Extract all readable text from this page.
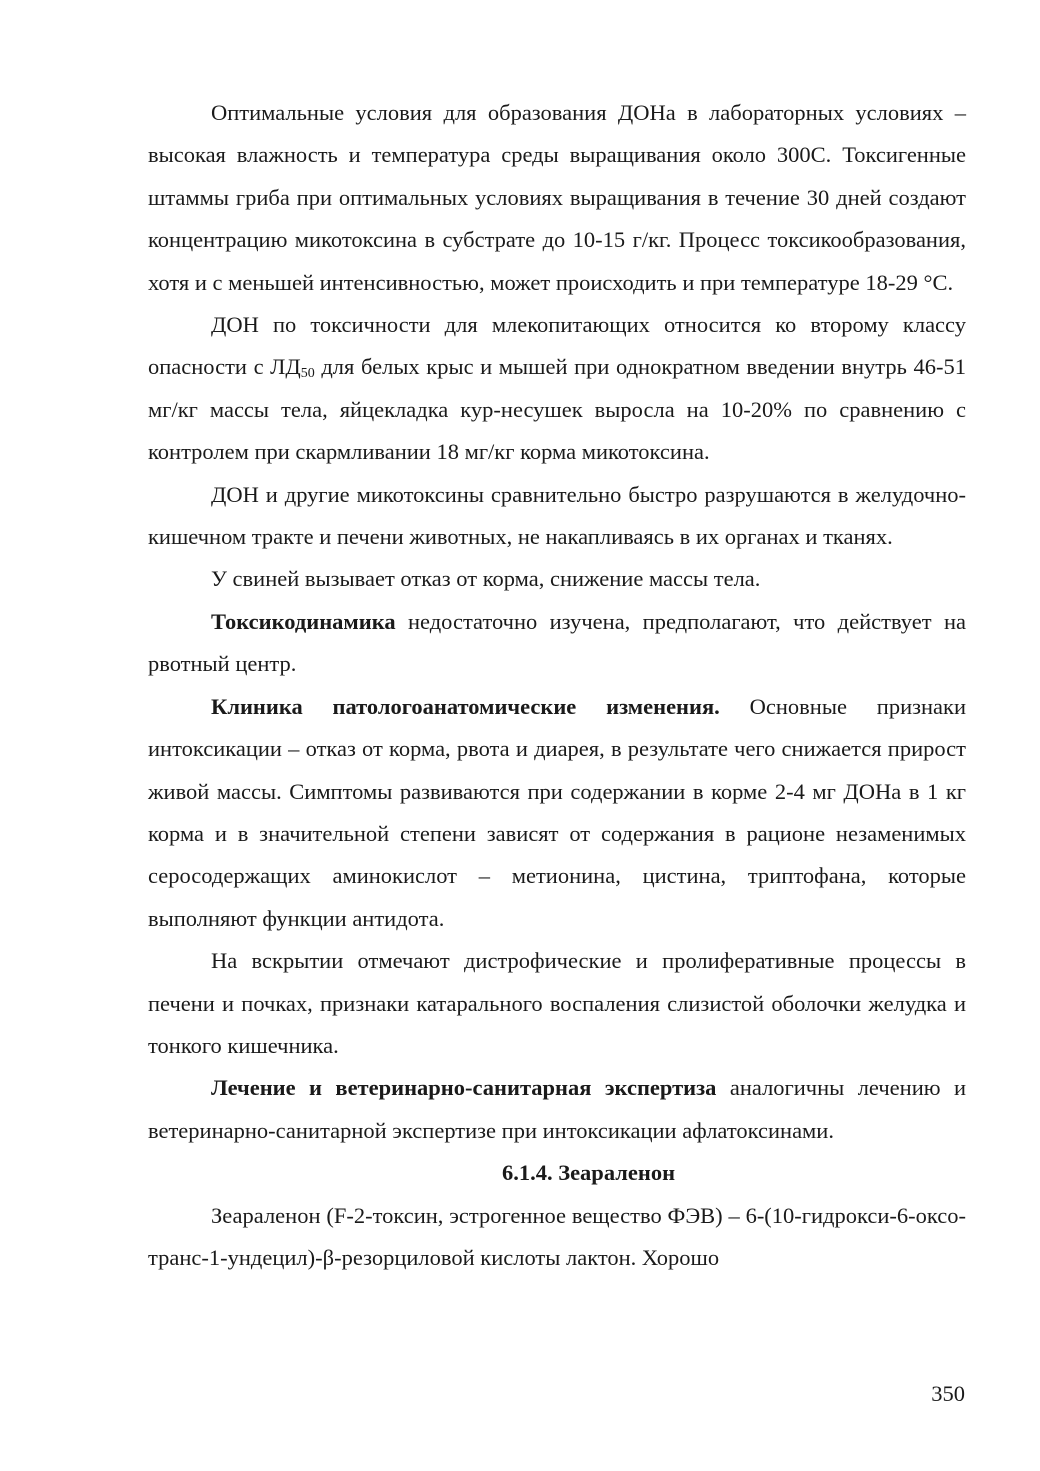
Оптимальные условия для образования ДОНа в лабораторных условиях – высокая влажность и температура среды выращивания около 300С. Токсигенные штаммы гриба при оптимальных условиях выращивания в течение 30 дней создают концентрацию микотоксина в субстрате до 10-15 г/кг. Процесс токсикообразования, хотя и с меньшей интенсивностью, может происходить и при температуре 18-29 °С.

ДОН по токсичности для млекопитающих относится ко второму классу опасности с $ЛД_{50}$ для белых крыс и мышей при однократном введении внутрь 46-51 мг/кг массы тела, яйцекладка кур-несушек выросла на 10-20% по сравнению с контролем при скармливании 18 мг/кг корма микотоксина.

ДОН и другие микотоксины сравнительно быстро разрушаются в желудочно-кишечном тракте и печени животных, не накапливаясь в их органах и тканях.

У свиней вызывает отказ от корма, снижение массы тела.

Токсикодинамика недостаточно изучена, предполагают, что действует на рвотный центр.

Клиника патологоанатомические изменения. Основные признаки интоксикации – отказ от корма, рвота и диарея, в результате чего снижается прирост живой массы. Симптомы развиваются при содержании в корме 2-4 мг ДОНа в 1 кг корма и в значительной степени зависят от содержания в рационе незаменимых серосодержащих аминокислот – метионина, цистина, триптофана, которые выполняют функции антидота.

На вскрытии отмечают дистрофические и пролиферативные процессы в печени и почках, признаки катарального воспаления слизистой оболочки желудка и тонкого кишечника.

Лечение и ветеринарно-санитарная экспертиза аналогичны лечению и ветеринарно-санитарной экспертизе при интоксикации афлатоксинами.

6.1.4. Зеараленон

Зеараленон (F-2-токсин, эстрогенное вещество ФЭВ) – 6-(10-гидрокси-6-оксо-транс-1-ундецил)-β-резорциловой кислоты лактон. Хорошо

350
